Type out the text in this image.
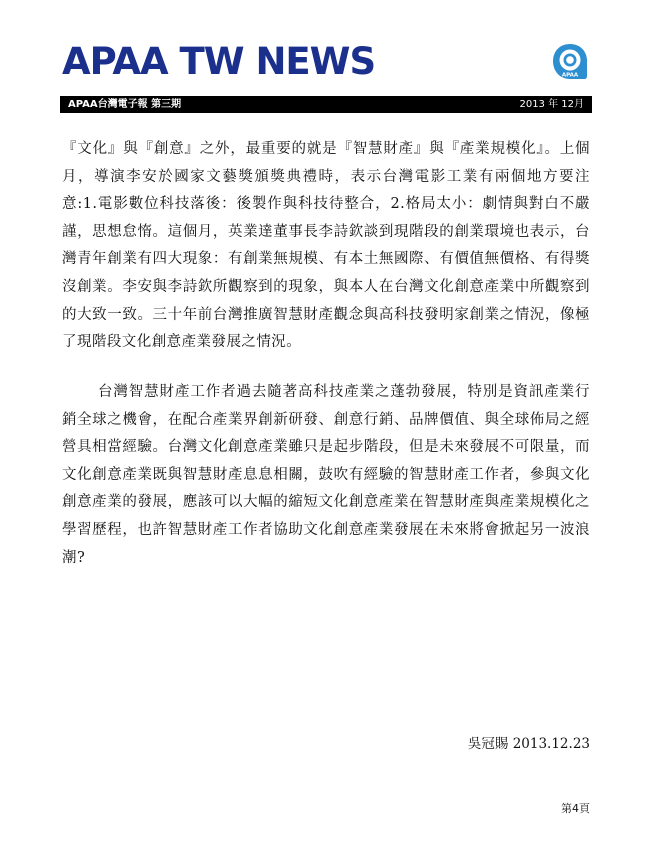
APAA TW NEWS	APAA
APAA台灣電子報 第三期	2013 年 12月

『文化』與『創意』之外，最重要的就是『智慧財產』與『產業規模化』。上個月，導演李安於國家文藝獎頒獎典禮時，表示台灣電影工業有兩個地方要注意:1.電影數位科技落後：後製作與科技待整合，2.格局太小：劇情與對白不嚴謹，思想怠惰。這個月，英業達董事長李詩欽談到現階段的創業環境也表示，台灣青年創業有四大現象：有創業無規模、有本土無國際、有價值無價格、有得獎沒創業。李安與李詩欽所觀察到的現象，與本人在台灣文化創意產業中所觀察到的大致一致。三十年前台灣推廣智慧財產觀念與高科技發明家創業之情況，像極了現階段文化創意產業發展之情況。

台灣智慧財產工作者過去隨著高科技產業之蓬勃發展，特別是資訊產業行銷全球之機會，在配合產業界創新研發、創意行銷、品牌價值、與全球佈局之經營具相當經驗。台灣文化創意產業雖只是起步階段，但是未來發展不可限量，而文化創意產業既與智慧財產息息相關，鼓吹有經驗的智慧財產工作者，參與文化創意產業的發展，應該可以大幅的縮短文化創意產業在智慧財產與產業規模化之學習歷程，也許智慧財產工作者協助文化創意產業發展在未來將會掀起另一波浪潮?

吳冠賜 2013.12.23
第4頁
